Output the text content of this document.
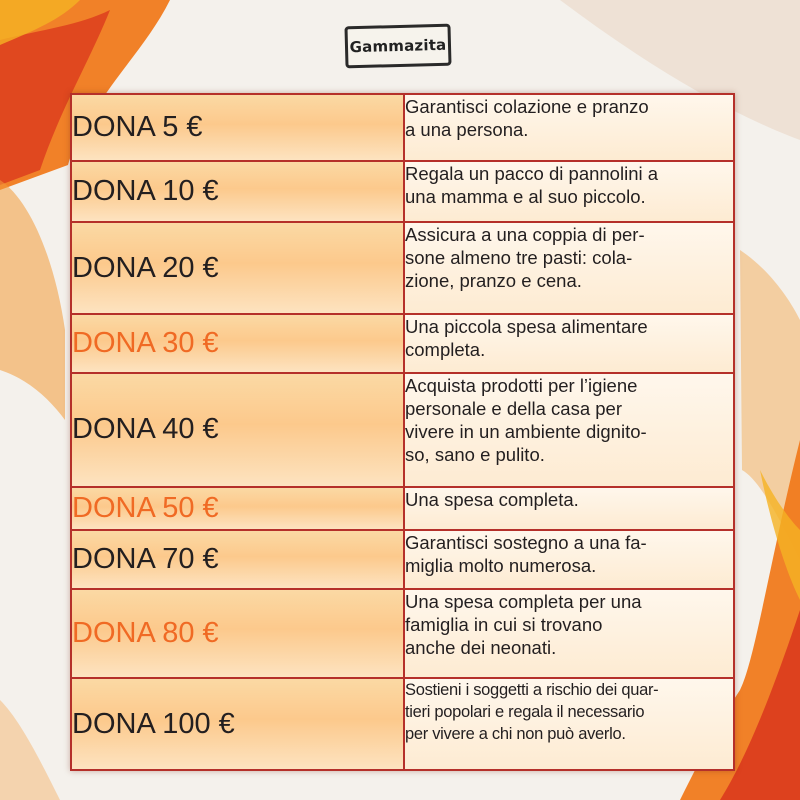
Gammazita
DONA 5 €	Garantisci colazione e pranzo
a una persona.

DONA 10 €	Regala un pacco di pannolini a
una mamma e al suo piccolo.

DONA 20 €	Assicura a una coppia di per-
sone almeno tre pasti: cola-
zione, pranzo e cena.

DONA 30 €	Una piccola spesa alimentare
completa.

DONA 40 €	Acquista prodotti per l’igiene
personale e della casa per
vivere in un ambiente dignito-
so, sano e pulito.

DONA 50 €	Una spesa completa.

DONA 70 €	Garantisci sostegno a una fa-
miglia molto numerosa.

DONA 80 €	Una spesa completa per una
famiglia in cui si trovano
anche dei neonati.

DONA 100 €	Sostieni i soggetti a rischio dei quar-
tieri popolari e regala il necessario
per vivere a chi non può averlo.
